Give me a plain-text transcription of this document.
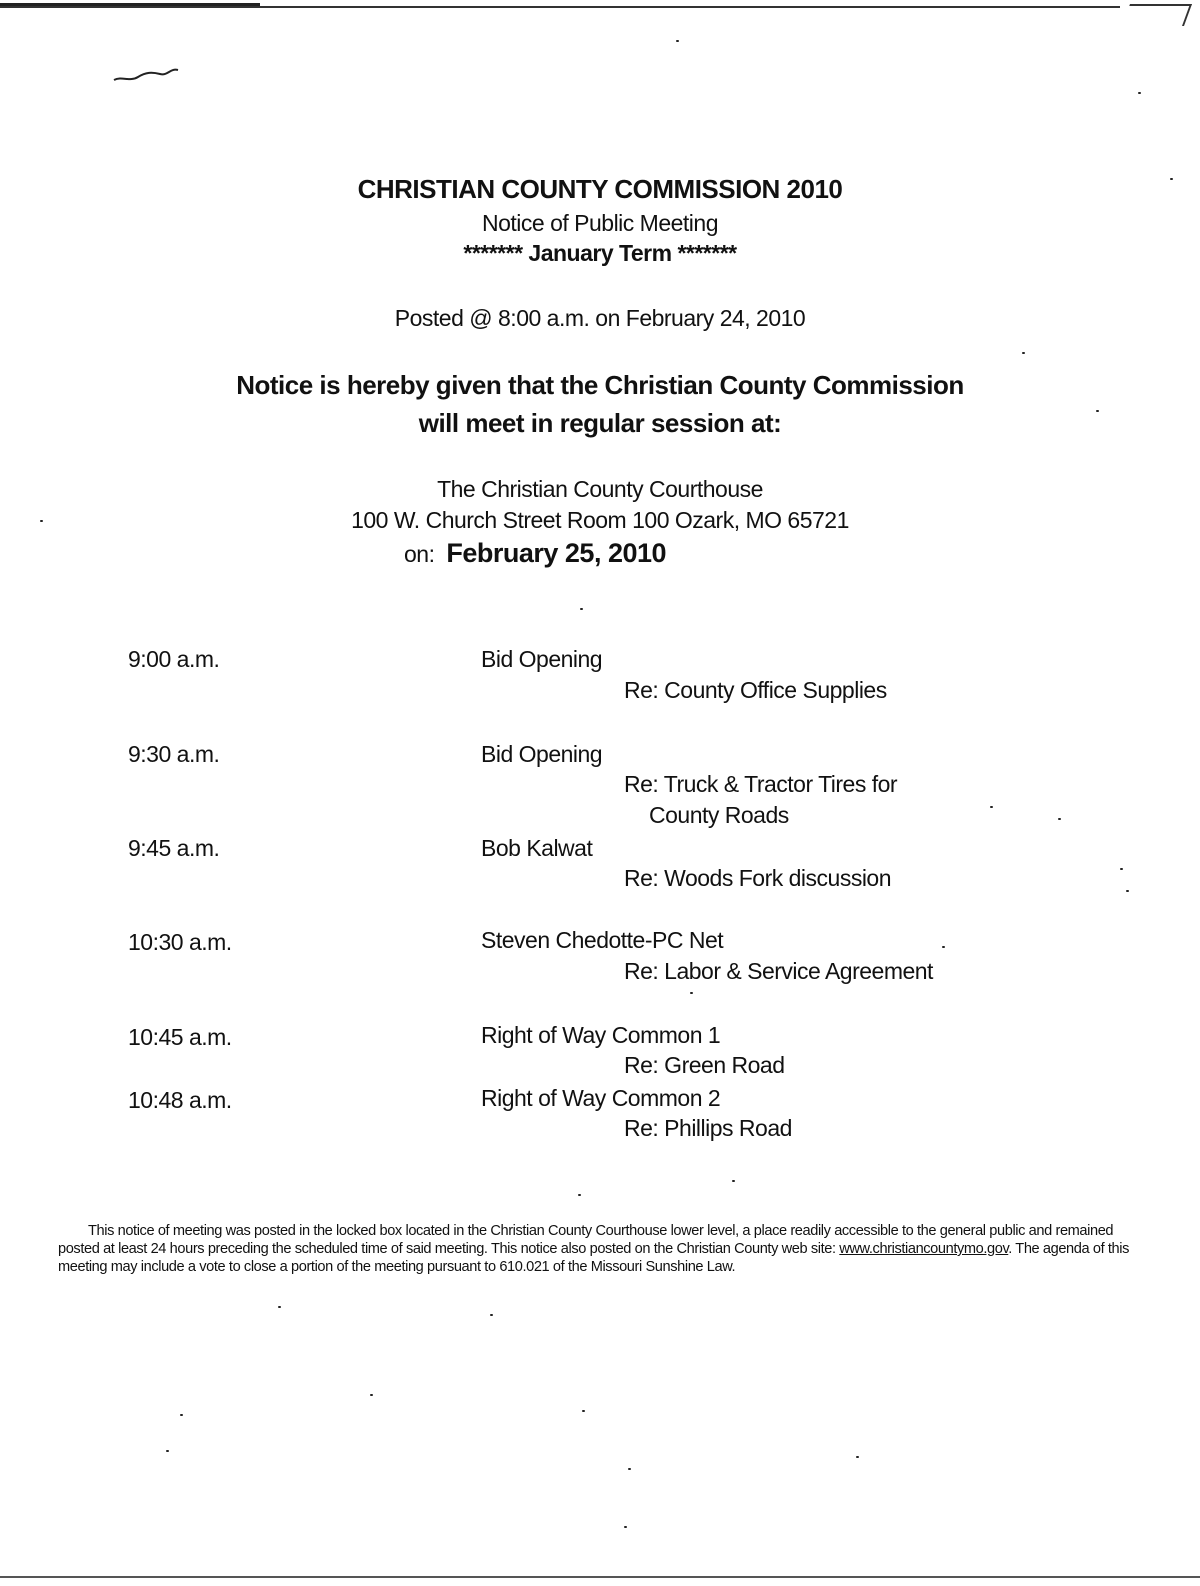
CHRISTIAN COUNTY COMMISSION 2010
Notice of Public Meeting
******* January Term *******
Posted @ 8:00 a.m. on February 24, 2010
Notice is hereby given that the Christian County Commission
will meet in regular session at:
The Christian County Courthouse
100 W. Church Street Room 100 Ozark, MO 65721
on: February 25, 2010
9:00 a.m.	Bid Opening
Re: County Office Supplies
9:30 a.m.	Bid Opening
Re: Truck & Tractor Tires for
County Roads
9:45 a.m.	Bob Kalwat
Re: Woods Fork discussion
10:30 a.m.	Steven Chedotte-PC Net
Re: Labor & Service Agreement
10:45 a.m.	Right of Way Common 1
Re: Green Road
10:48 a.m.	Right of Way Common 2
Re: Phillips Road
This notice of meeting was posted in the locked box located in the Christian County Courthouse lower level, a place readily accessible to the general public and remained posted at least 24 hours preceding the scheduled time of said meeting. This notice also posted on the Christian County web site: www.christiancountymo.gov. The agenda of this meeting may include a vote to close a portion of the meeting pursuant to 610.021 of the Missouri Sunshine Law.
